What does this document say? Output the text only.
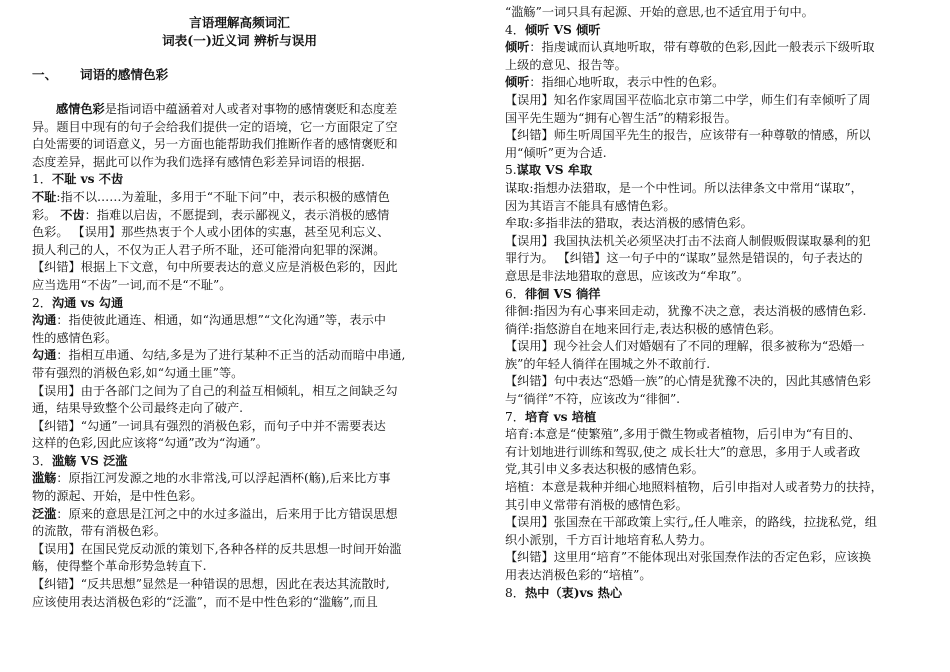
言语理解高频词汇
词表(一)近义词 辨析与误用
一、 词语的感情色彩
感情色彩是指词语中蕴涵着对人或者对事物的感情褒贬和态度差
异。题目中现有的句子会给我们提供一定的语境，它一方面限定了空
白处需要的词语意义，另一方面也能帮助我们推断作者的感情褒贬和
态度差异，据此可以作为我们选择有感情色彩差异词语的根据.
1．不耻 vs 不齿
不耻:指不以……为羞耻，多用于“不耻下问”中，表示积极的感情色
彩。 不齿：指难以启齿，不愿提到，表示鄙视义，表示消极的感情
色彩。 【误用】那些热衷于个人或小团体的实惠，甚至见利忘义、
损人利己的人，不仅为正人君子所不耻，还可能滑向犯罪的深渊。
【纠错】根据上下文意，句中所要表达的意义应是消极色彩的，因此
应当选用“不齿”一词,而不是“不耻”。
2．沟通 vs 勾通
沟通：指使彼此通连、相通，如“沟通思想”“文化沟通”等，表示中
性的感情色彩。
勾通：指相互串通、勾结,多是为了进行某种不正当的活动而暗中串通,
带有强烈的消极色彩,如“勾通土匪”等。
【误用】由于各部门之间为了自己的利益互相倾轧，相互之间缺乏勾
通，结果导致整个公司最终走向了破产.
【纠错】“勾通”一词具有强烈的消极色彩，而句子中并不需要表达
这样的色彩,因此应该将“勾通”改为“沟通”。
3．滥觞 VS 泛滥
滥觞：原指江河发源之地的水非常浅,可以浮起酒杯(觞),后来比方事
物的源起、开始，是中性色彩。
泛滥：原来的意思是江河之中的水过多溢出，后来用于比方错误思想
的流散，带有消极色彩。
【误用】在国民党反动派的策划下,各种各样的反共思想一时间开始滥
觞，使得整个革命形势急转直下.
【纠错】“反共思想”显然是一种错误的思想，因此在表达其流散时,
应该使用表达消极色彩的“泛滥”，而不是中性色彩的“滥觞”,而且
“滥觞”一词只具有起源、开始的意思,也不适宜用于句中。
4．倾听 VS 倾听
倾听：指虔诚而认真地听取，带有尊敬的色彩,因此一般表示下级听取
上级的意见、报告等。
倾听：指细心地听取，表示中性的色彩。
【误用】知名作家周国平莅临北京市第二中学，师生们有幸倾听了周
国平先生题为“拥有心智生活”的精彩报告。
【纠错】师生听周国平先生的报告，应该带有一种尊敬的情感，所以
用“倾听”更为合适.
5.谋取 VS 牟取
谋取:指想办法猎取，是一个中性词。所以法律条文中常用“谋取”，
因为其语言不能具有感情色彩。
牟取:多指非法的猎取，表达消极的感情色彩。
【误用】我国执法机关必须坚决打击不法商人制假贩假谋取暴利的犯
罪行为。 【纠错】这一句子中的“谋取”显然是错误的，句子表达的
意思是非法地猎取的意思，应该改为“牟取”。
6．徘徊 VS 徜徉
徘徊:指因为有心事来回走动，犹豫不决之意，表达消极的感情色彩.
徜徉:指悠游自在地来回行走,表达积极的感情色彩。
【误用】现今社会人们对婚姻有了不同的理解，很多被称为“恐婚一
族”的年轻人徜徉在围城之外不敢前行.
【纠错】句中表达“恐婚一族”的心情是犹豫不决的，因此其感情色彩
与“徜徉”不符，应该改为“徘徊”.
7．培育 vs 培植
培育:本意是“使繁殖”,多用于微生物或者植物，后引申为“有目的、
有计划地进行训练和驾驭,使之 成长壮大”的意思，多用于人或者政
党,其引申义多表达积极的感情色彩。
培植：本意是栽种并细心地照料植物，后引申指对人或者势力的扶持，
其引申义常带有消极的感情色彩。
【误用】张国焘在干部政策上实行„任人唯亲，的路线，拉拢私党，组
织小派别，千方百计地培育私人势力。
【纠错】这里用“培育”不能体现出对张国焘作法的否定色彩，应该换
用表达消极色彩的“培植”。
8．热中（衷)vs 热心
